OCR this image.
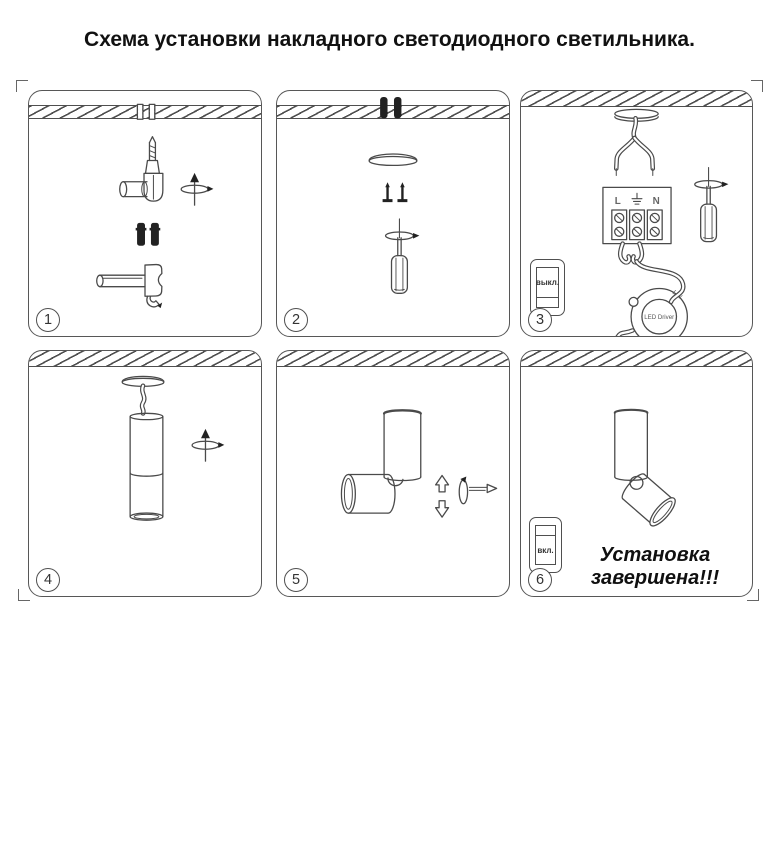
Схема установки накладного светодиодного светильника.
1	2
L	N
LED Driver
L N
выкл.
3
4	5
вкл.	Установка
завершена!!!
6
